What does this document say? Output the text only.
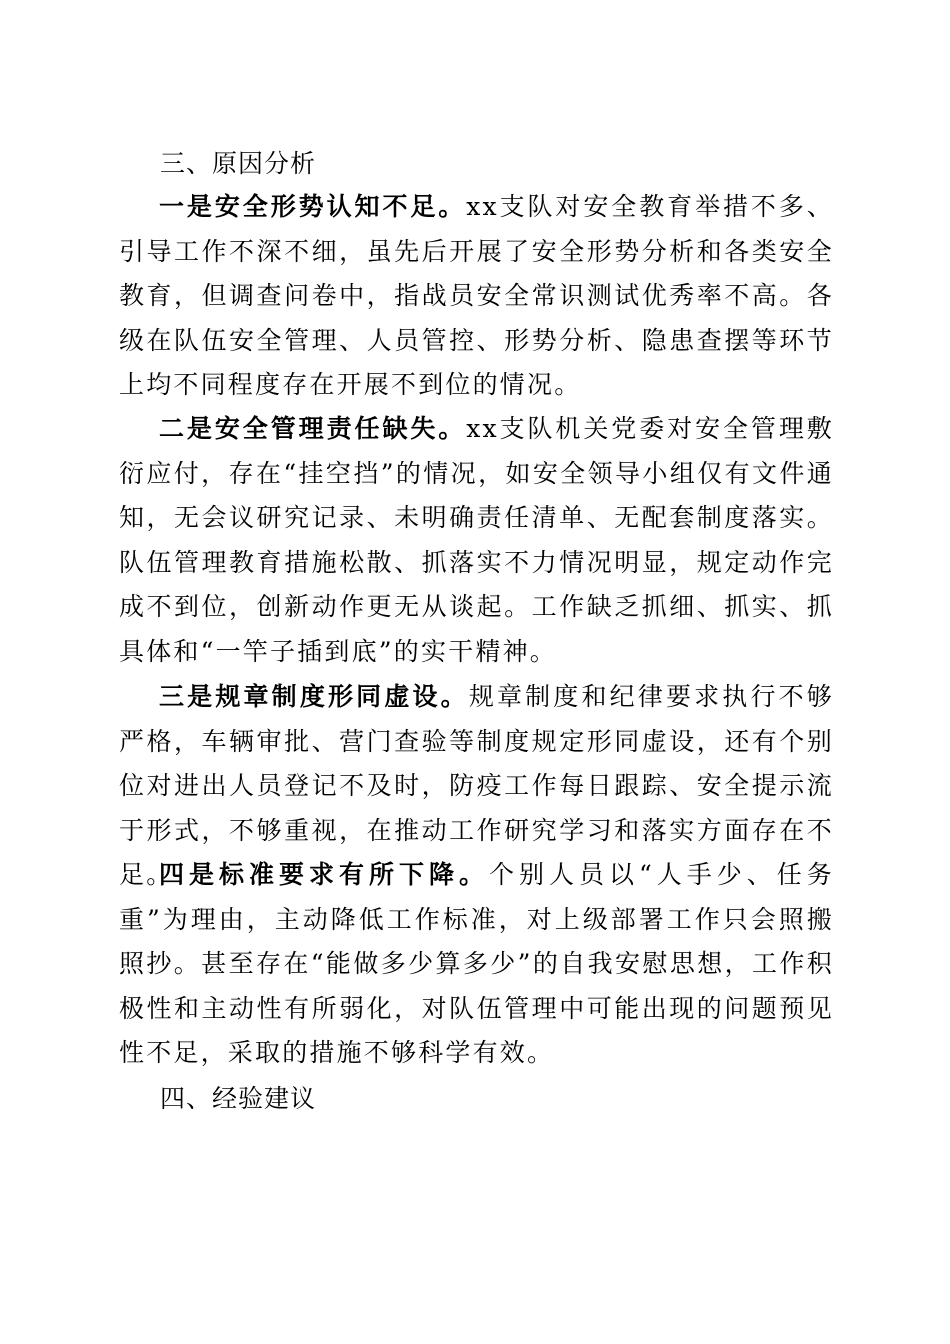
三、原因分析

一是安全形势认知不足。xx支队对安全教育举措不多、引导工作不深不细，虽先后开展了安全形势分析和各类安全教育，但调查问卷中，指战员安全常识测试优秀率不高。各级在队伍安全管理、人员管控、形势分析、隐患查摆等环节上均不同程度存在开展不到位的情况。

二是安全管理责任缺失。xx支队机关党委对安全管理敷衍应付，存在“挂空挡”的情况，如安全领导小组仅有文件通知，无会议研究记录、未明确责任清单、无配套制度落实。队伍管理教育措施松散、抓落实不力情况明显，规定动作完成不到位，创新动作更无从谈起。工作缺乏抓细、抓实、抓具体和“一竿子插到底”的实干精神。

三是规章制度形同虚设。规章制度和纪律要求执行不够严格，车辆审批、营门查验等制度规定形同虚设，还有个别位对进出人员登记不及时，防疫工作每日跟踪、安全提示流于形式，不够重视，在推动工作研究学习和落实方面存在不足。

四是标准要求有所下降。个别人员以“人手少、任务重”为理由，主动降低工作标准，对上级部署工作只会照搬照抄。甚至存在“能做多少算多少”的自我安慰思想，工作积极性和主动性有所弱化，对队伍管理中可能出现的问题预见性不足，采取的措施不够科学有效。

四、经验建议
